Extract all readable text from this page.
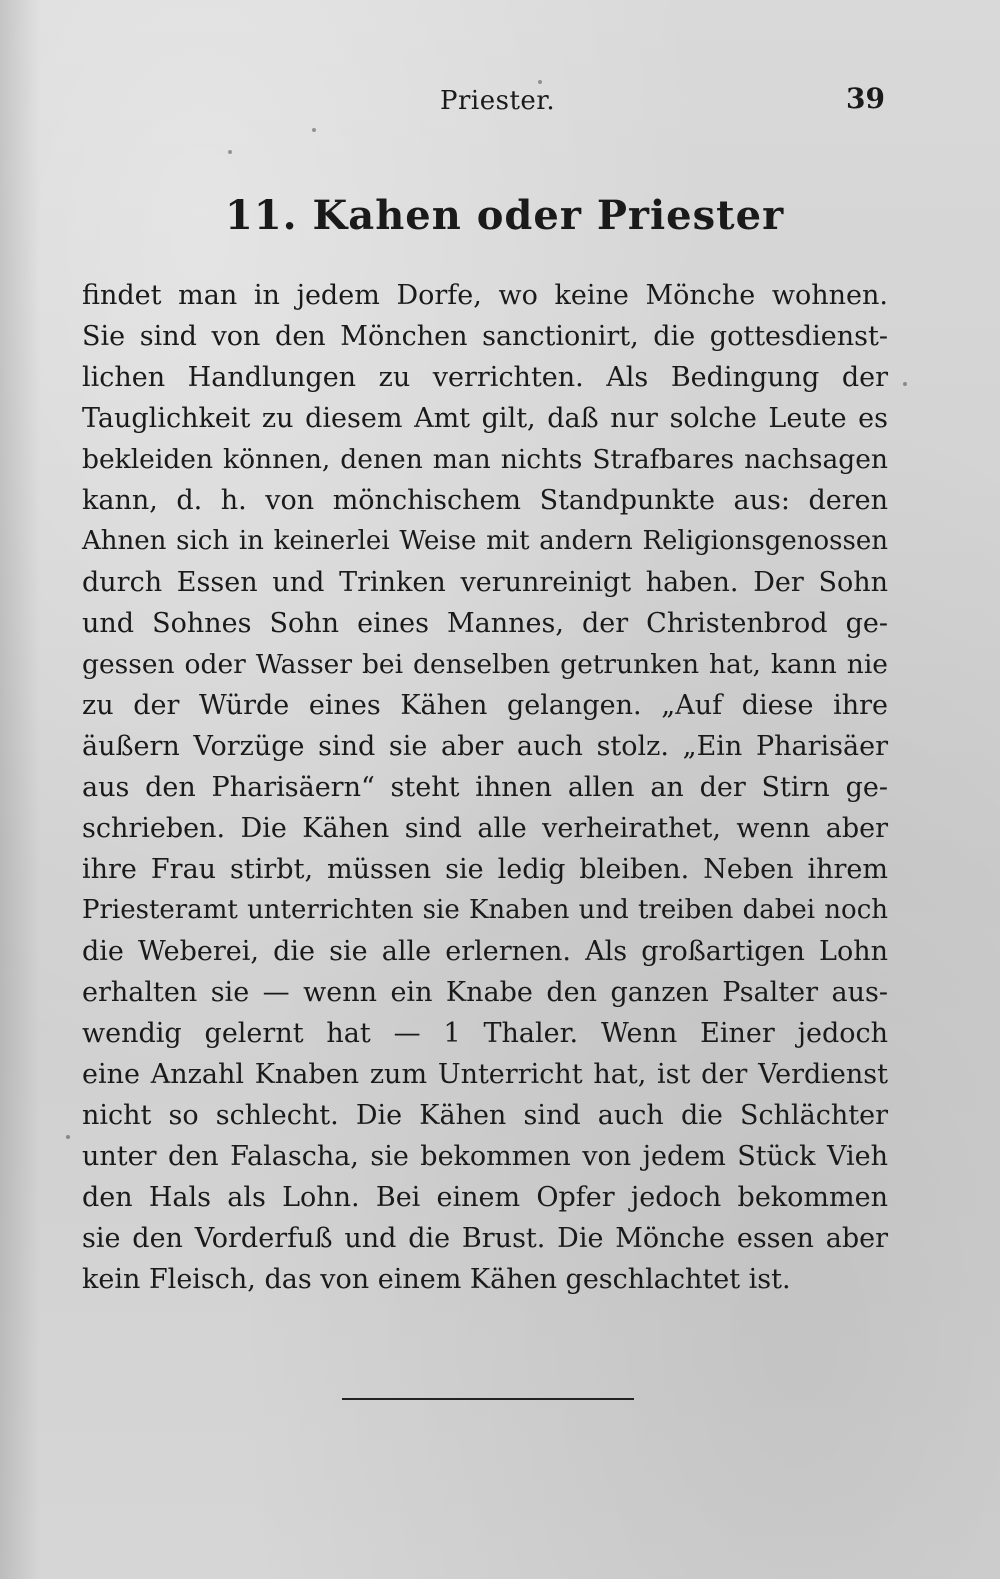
Priester.	39
11. Kahen oder Priester
findet man in jedem Dorfe, wo keine Mönche wohnen.
Sie sind von den Mönchen sanctionirt, die gottesdienst-
lichen Handlungen zu verrichten. Als Bedingung der
Tauglichkeit zu diesem Amt gilt, daß nur solche Leute es
bekleiden können, denen man nichts Strafbares nachsagen
kann, d. h. von mönchischem Standpunkte aus: deren
Ahnen sich in keinerlei Weise mit andern Religionsgenossen
durch Essen und Trinken verunreinigt haben. Der Sohn
und Sohnes Sohn eines Mannes, der Christenbrod ge-
gessen oder Wasser bei denselben getrunken hat, kann nie
zu der Würde eines Kähen gelangen. „Auf diese ihre
äußern Vorzüge sind sie aber auch stolz. „Ein Pharisäer
aus den Pharisäern“ steht ihnen allen an der Stirn ge-
schrieben. Die Kähen sind alle verheirathet, wenn aber
ihre Frau stirbt, müssen sie ledig bleiben. Neben ihrem
Priesteramt unterrichten sie Knaben und treiben dabei noch
die Weberei, die sie alle erlernen. Als großartigen Lohn
erhalten sie — wenn ein Knabe den ganzen Psalter aus-
wendig gelernt hat — 1 Thaler. Wenn Einer jedoch
eine Anzahl Knaben zum Unterricht hat, ist der Verdienst
nicht so schlecht. Die Kähen sind auch die Schlächter
unter den Falascha, sie bekommen von jedem Stück Vieh
den Hals als Lohn. Bei einem Opfer jedoch bekommen
sie den Vorderfuß und die Brust. Die Mönche essen aber
kein Fleisch, das von einem Kähen geschlachtet ist.
